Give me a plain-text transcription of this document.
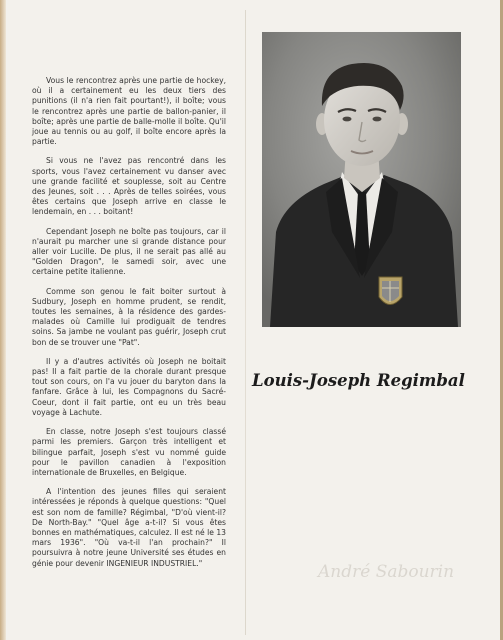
Vous le rencontrez après une partie de hockey, où il a certainement eu les deux tiers des punitions (il n'a rien fait pourtant!), il boîte; vous le rencontrez après une partie de ballon-panier, il boîte; après une partie de balle-molle il boîte. Qu'il joue au tennis ou au golf, il boîte encore après la partie.

Si vous ne l'avez pas rencontré dans les sports, vous l'avez certainement vu danser avec une grande facilité et souplesse, soit au Centre des Jeunes, soit . . . Après de telles soirées, vous êtes certains que Joseph arrive en classe le lendemain, en . . . boitant!

Cependant Joseph ne boîte pas toujours, car il n'aurait pu marcher une si grande distance pour aller voir Lucille. De plus, il ne serait pas allé au "Golden Dragon", le samedi soir, avec une certaine petite italienne.

Comme son genou le fait boiter surtout à Sudbury, Joseph en homme prudent, se rendit, toutes les semaines, à la résidence des gardes-malades où Camille lui prodiguait de tendres soins. Sa jambe ne voulant pas guérir, Joseph crut bon de se trouver une "Pat".

Il y a d'autres activités où Joseph ne boitait pas! Il a fait partie de la chorale durant presque tout son cours, on l'a vu jouer du baryton dans la fanfare. Grâce à lui, les Compagnons du Sacré-Coeur, dont il fait partie, ont eu un très beau voyage à Lachute.

En classe, notre Joseph s'est toujours classé parmi les premiers. Garçon très intelligent et bilingue parfait, Joseph s'est vu nommé guide pour le pavillon canadien à l'exposition internationale de Bruxelles, en Belgique.

A l'intention des jeunes filles qui seraient intéressées je réponds à quelque questions: "Quel est son nom de famille? Régimbal, "D'où vient-il? De North-Bay." "Quel âge a-t-il? Si vous êtes bonnes en mathématiques, calculez. Il est né le 13 mars 1936". "Où va-t-il l'an prochain?" Il poursuivra à notre jeune Université ses études en génie pour devenir INGENIEUR INDUSTRIEL."

Louis-Joseph Regimbal
André Sabourin
